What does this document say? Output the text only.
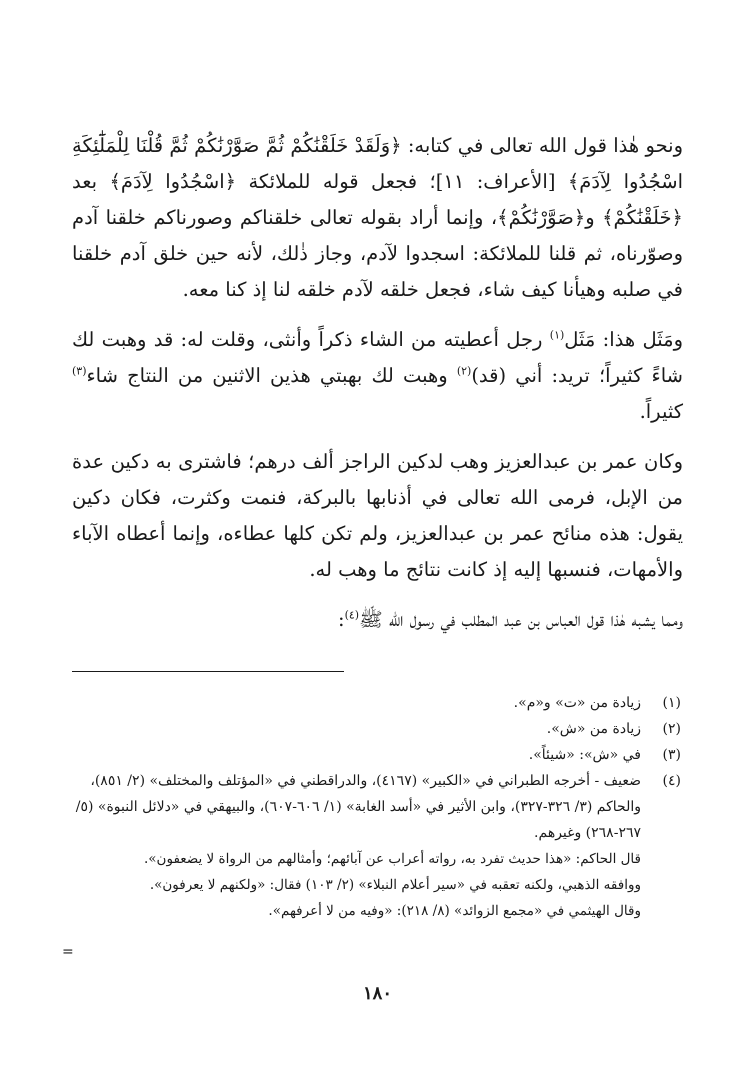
ونحو هٰذا قول الله تعالى في كتابه: ﴿وَلَقَدْ خَلَقْنَٰكُمْ ثُمَّ صَوَّرْنَٰكُمْ ثُمَّ قُلْنَا لِلْمَلَٰٓئِكَةِ اسْجُدُوا لِآدَمَ﴾ [الأعراف: ١١]؛ فجعل قوله للملائكة ﴿اسْجُدُوا لِآدَمَ﴾ بعد ﴿خَلَقْنَٰكُمْ﴾ و﴿صَوَّرْنَٰكُمْ﴾، وإنما أراد بقوله تعالى خلقناكم وصورناكم خلقنا آدم وصوّرناه، ثم قلنا للملائكة: اسجدوا لآدم، وجاز ذٰلك، لأنه حين خلق آدم خلقنا في صلبه وهيأنا كيف شاء، فجعل خلقه لآدم خلقه لنا إذ كنا معه.

ومَثَل هذا: مَثَل$^{(١)}$ رجل أعطيته من الشاء ذكراً وأنثى، وقلت له: قد وهبت لك شاءً كثيراً؛ تريد: أني (قد)$^{(٢)}$ وهبت لك بهبتي هذين الاثنين من النتاج شاء$^{(٣)}$ كثيراً.

وكان عمر بن عبدالعزيز وهب لدكين الراجز ألف درهم؛ فاشترى به دكين عدة من الإبل، فرمى الله تعالى في أذنابها بالبركة، فنمت وكثرت، فكان دكين يقول: هذه منائح عمر بن عبدالعزيز، ولم تكن كلها عطاءه، وإنما أعطاه الآباء والأمهات، فنسبها إليه إذ كانت نتائج ما وهب له.

ومما يشبه هٰذا قول العباس بن عبد المطلب في رسول الله ﷺ$^{(٤)}$:

(١)
زيادة من «ت» و«م».
(٢)
زيادة من «ش».
(٣)
في «ش»: «شيئاً».
(٤)
ضعيف - أخرجه الطبراني في «الكبير» (٤١٦٧)، والدراقطني في «المؤتلف والمختلف» (٢/ ٨٥١)، والحاكم (٣/ ٣٢٦-٣٢٧)، وابن الأثير في «أسد الغابة» (١/ ٦٠٦-٦٠٧)، والبيهقي في «دلائل النبوة» (٥/ ٢٦٧-٢٦٨) وغيرهم.
قال الحاكم: «هذا حديث تفرد به، رواته أعراب عن آبائهم؛ وأمثالهم من الرواة لا يضعفون».
ووافقه الذهبي، ولكنه تعقبه في «سير أعلام النبلاء» (٢/ ١٠٣) فقال: «ولكنهم لا يعرفون».
وقال الهيثمي في «مجمع الزوائد» (٨/ ٢١٨): «وفيه من لا أعرفهم».
=
١٨٠
